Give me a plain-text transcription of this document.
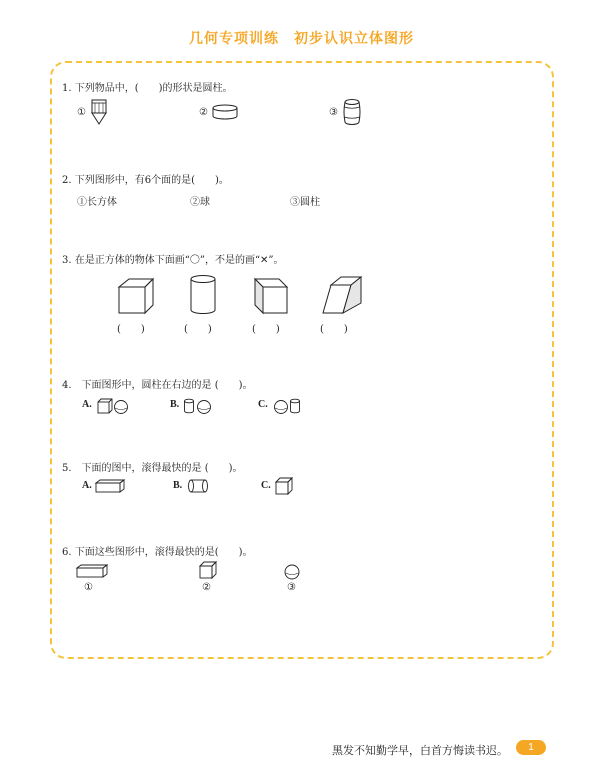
几何专项训练　初步认识立体图形
1. 下列物品中，(　　)的形状是圆柱。
①	②	③
2. 下列图形中，有6个面的是(　　)。
①长方体	②球	③圆柱
3. 在是正方体的物体下面画“〇”，不是的画“✕”。
(　　)	(　　)	(　　)	(　　)
4.　下面图形中，圆柱在右边的是 (　　)。
A.	B.	C.
5.　下面的图中，滚得最快的是 (　　)。
A.	B.	C.
6. 下面这些图形中，滚得最快的是(　　)。
①	②	③
黑发不知勤学早，白首方悔读书迟。	1
